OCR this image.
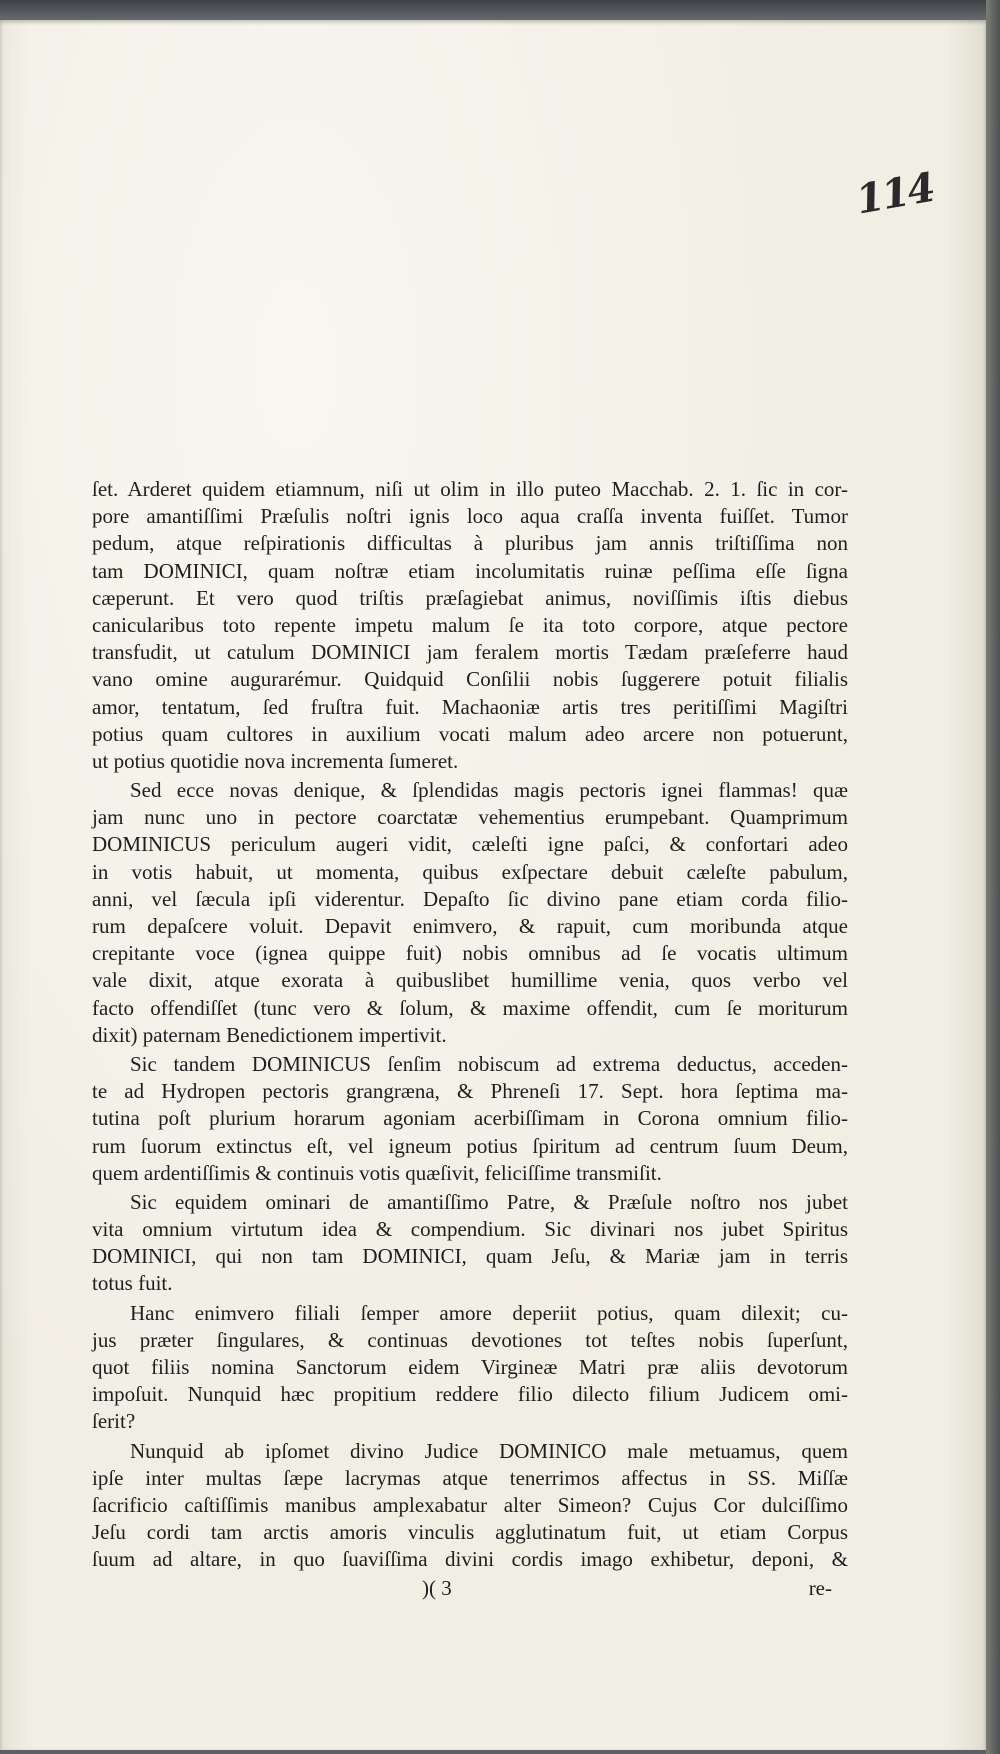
114
ſet. Arderet quidem etiamnum, niſi ut olim in illo puteo Macchab. 2. 1. ſic in cor-
pore amantiſſimi Præſulis noſtri ignis loco aqua craſſa inventa fuiſſet. Tumor
pedum, atque reſpirationis difficultas à pluribus jam annis triſtiſſima non
tam DOMINICI, quam noſtræ etiam incolumitatis ruinæ peſſima eſſe ſigna
cæperunt. Et vero quod triſtis præſagiebat animus, noviſſimis iſtis diebus
canicularibus toto repente impetu malum ſe ita toto corpore, atque pectore
transfudit, ut catulum DOMINICI jam feralem mortis Tædam præſeferre haud
vano omine augurarémur. Quidquid Conſilii nobis ſuggerere potuit filialis
amor, tentatum, ſed fruſtra fuit. Machaoniæ artis tres peritiſſimi Magiſtri
potius quam cultores in auxilium vocati malum adeo arcere non potuerunt,
ut potius quotidie nova incrementa ſumeret.
Sed ecce novas denique, & ſplendidas magis pectoris ignei flammas! quæ
jam nunc uno in pectore coarctatæ vehementius erumpebant. Quamprimum
DOMINICUS periculum augeri vidit, cæleſti igne paſci, & confortari adeo
in votis habuit, ut momenta, quibus exſpectare debuit cæleſte pabulum,
anni, vel ſæcula ipſi viderentur. Depaſto ſic divino pane etiam corda filio-
rum depaſcere voluit. Depavit enimvero, & rapuit, cum moribunda atque
crepitante voce (ignea quippe fuit) nobis omnibus ad ſe vocatis ultimum
vale dixit, atque exorata à quibuslibet humillime venia, quos verbo vel
facto offendiſſet (tunc vero & ſolum, & maxime offendit, cum ſe moriturum
dixit) paternam Benedictionem impertivit.
Sic tandem DOMINICUS ſenſim nobiscum ad extrema deductus, acceden-
te ad Hydropen pectoris grangræna, & Phreneſi 17. Sept. hora ſeptima ma-
tutina poſt plurium horarum agoniam acerbiſſimam in Corona omnium filio-
rum ſuorum extinctus eſt, vel igneum potius ſpiritum ad centrum ſuum Deum,
quem ardentiſſimis & continuis votis quæſivit, feliciſſime transmiſit.
Sic equidem ominari de amantiſſimo Patre, & Præſule noſtro nos jubet
vita omnium virtutum idea & compendium. Sic divinari nos jubet Spiritus
DOMINICI, qui non tam DOMINICI, quam Jeſu, & Mariæ jam in terris
totus fuit.
Hanc enimvero filiali ſemper amore deperiit potius, quam dilexit; cu-
jus præter ſingulares, & continuas devotiones tot teſtes nobis ſuperſunt,
quot filiis nomina Sanctorum eidem Virgineæ Matri præ aliis devotorum
impoſuit. Nunquid hæc propitium reddere filio dilecto filium Judicem omi-
ſerit?
Nunquid ab ipſomet divino Judice DOMINICO male metuamus, quem
ipſe inter multas ſæpe lacrymas atque tenerrimos affectus in SS. Miſſæ
ſacrificio caſtiſſimis manibus amplexabatur alter Simeon? Cujus Cor dulciſſimo
Jeſu cordi tam arctis amoris vinculis agglutinatum fuit, ut etiam Corpus
ſuum ad altare, in quo ſuaviſſima divini cordis imago exhibetur, deponi, &
)( 3	re-
